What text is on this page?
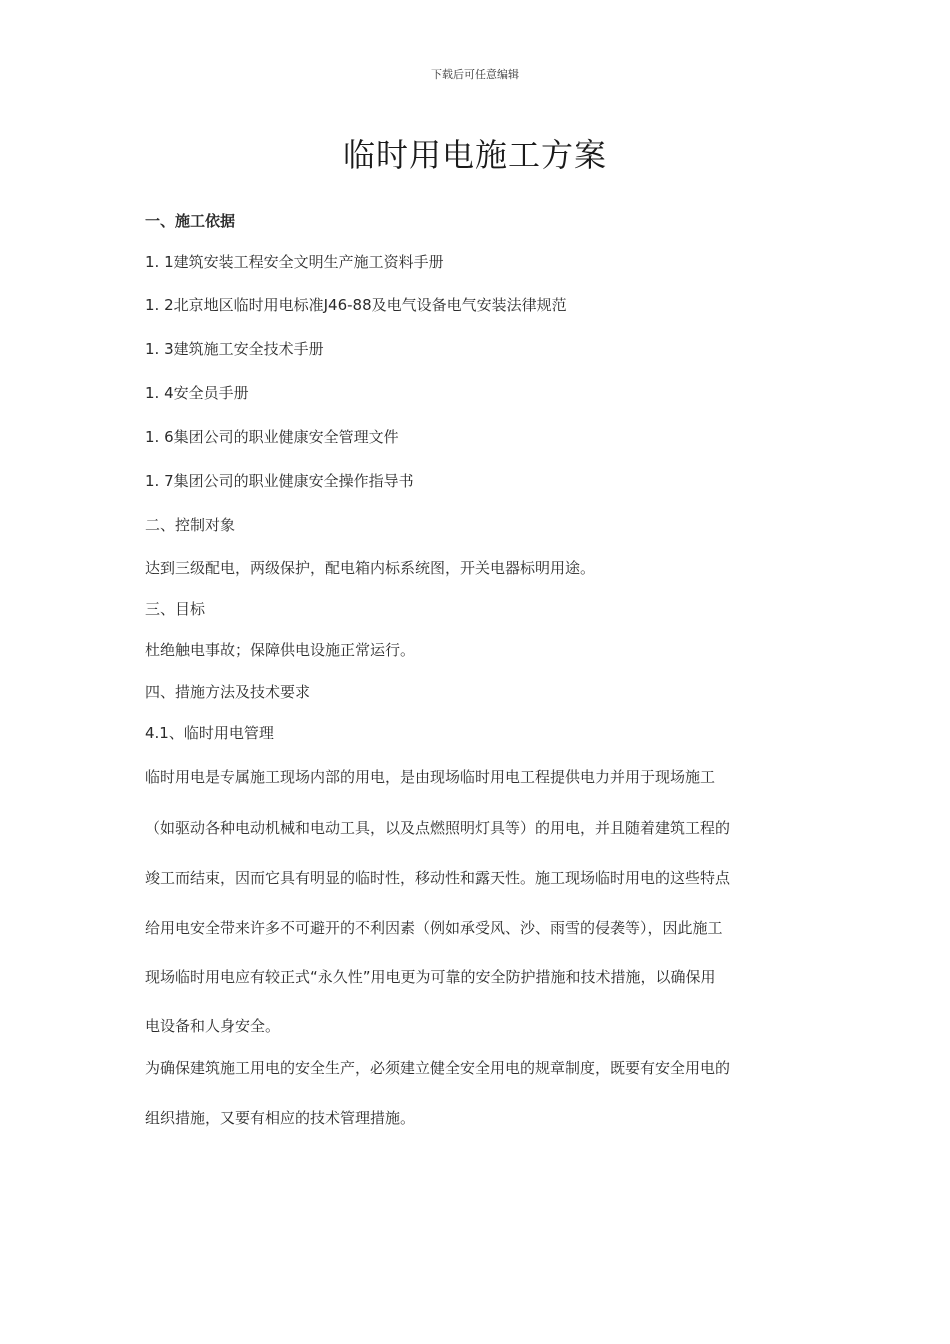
下载后可任意编辑
临时用电施工方案
一、施工依据
1. 1建筑安装工程安全文明生产施工资料手册
1. 2北京地区临时用电标准J46-88及电气设备电气安装法律规范
1. 3建筑施工安全技术手册
1. 4安全员手册
1. 6集团公司的职业健康安全管理文件
1. 7集团公司的职业健康安全操作指导书
二、控制对象
达到三级配电，两级保护，配电箱内标系统图，开关电器标明用途。
三、目标
杜绝触电事故；保障供电设施正常运行。
四、措施方法及技术要求
4.1、临时用电管理
临时用电是专属施工现场内部的用电，是由现场临时用电工程提供电力并用于现场施工
（如驱动各种电动机械和电动工具，以及点燃照明灯具等）的用电，并且随着建筑工程的
竣工而结束，因而它具有明显的临时性，移动性和露天性。施工现场临时用电的这些特点
给用电安全带来许多不可避开的不利因素（例如承受风、沙、雨雪的侵袭等），因此施工
现场临时用电应有较正式“永久性”用电更为可靠的安全防护措施和技术措施，以确保用
电设备和人身安全。
为确保建筑施工用电的安全生产，必须建立健全安全用电的规章制度，既要有安全用电的
组织措施，又要有相应的技术管理措施。
